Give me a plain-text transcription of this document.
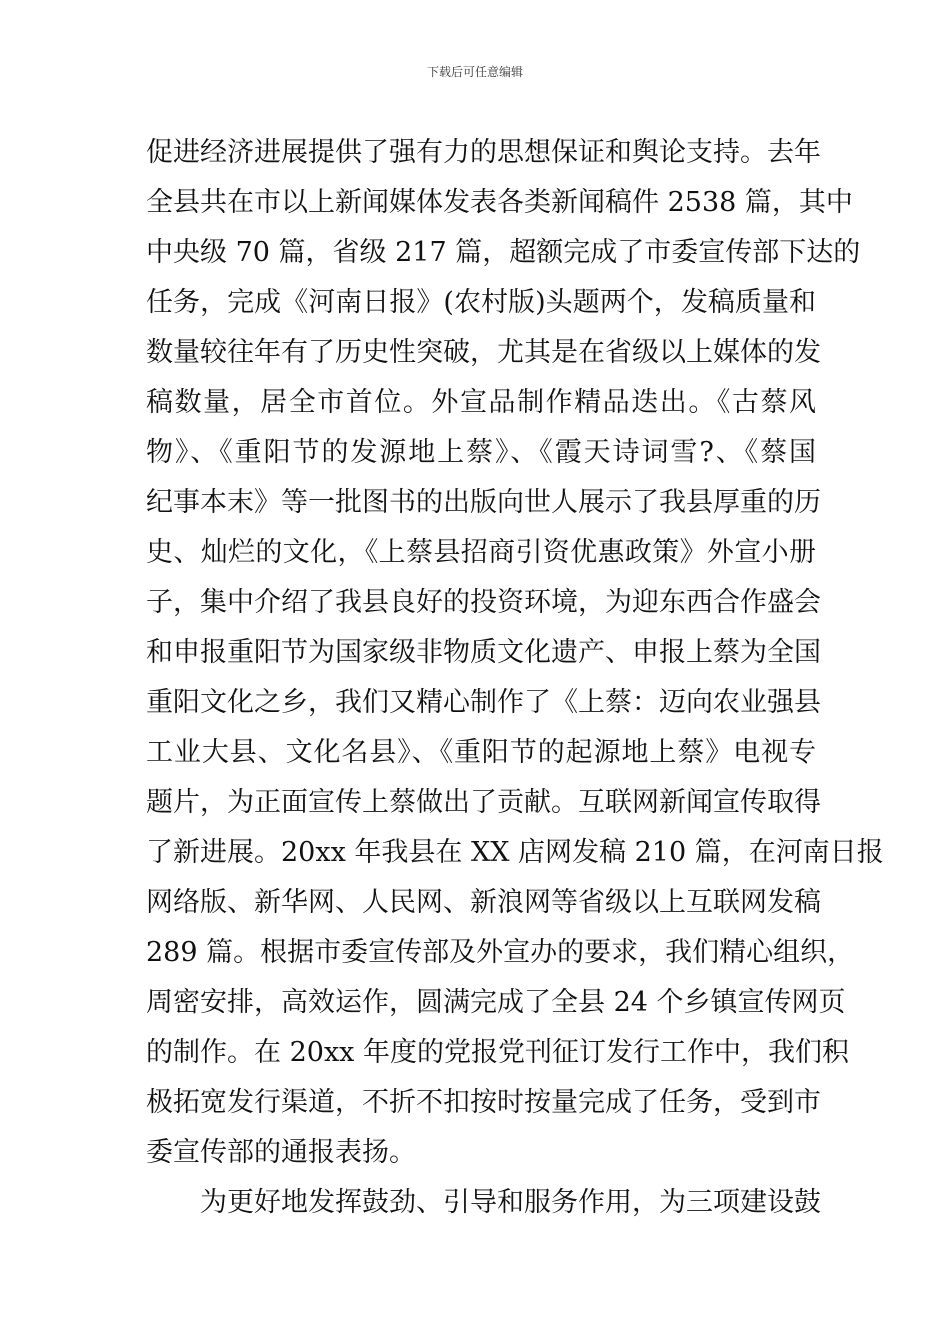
下载后可任意编辑
促进经济进展提供了强有力的思想保证和舆论支持。去年
全县共在市以上新闻媒体发表各类新闻稿件 2538 篇，其中
中央级 70 篇，省级 217 篇，超额完成了市委宣传部下达的
任务，完成《河南日报》(农村版)头题两个，发稿质量和
数量较往年有了历史性突破，尤其是在省级以上媒体的发
稿数量，居全市首位。外宣品制作精品迭出。《古蔡风
物》、《重阳节的发源地上蔡》、《霞天诗词雪?、《蔡国
纪事本末》等一批图书的出版向世人展示了我县厚重的历
史、灿烂的文化，《上蔡县招商引资优惠政策》外宣小册
子，集中介绍了我县良好的投资环境，为迎东西合作盛会
和申报重阳节为国家级非物质文化遗产、申报上蔡为全国
重阳文化之乡，我们又精心制作了《上蔡：迈向农业强县
工业大县、文化名县》、《重阳节的起源地上蔡》电视专
题片，为正面宣传上蔡做出了贡献。互联网新闻宣传取得
了新进展。20xx 年我县在 XX 店网发稿 210 篇，在河南日报
网络版、新华网、人民网、新浪网等省级以上互联网发稿
289 篇。根据市委宣传部及外宣办的要求，我们精心组织，
周密安排，高效运作，圆满完成了全县 24 个乡镇宣传网页
的制作。在 20xx 年度的党报党刊征订发行工作中，我们积
极拓宽发行渠道，不折不扣按时按量完成了任务，受到市
委宣传部的通报表扬。
为更好地发挥鼓劲、引导和服务作用，为三项建设鼓
